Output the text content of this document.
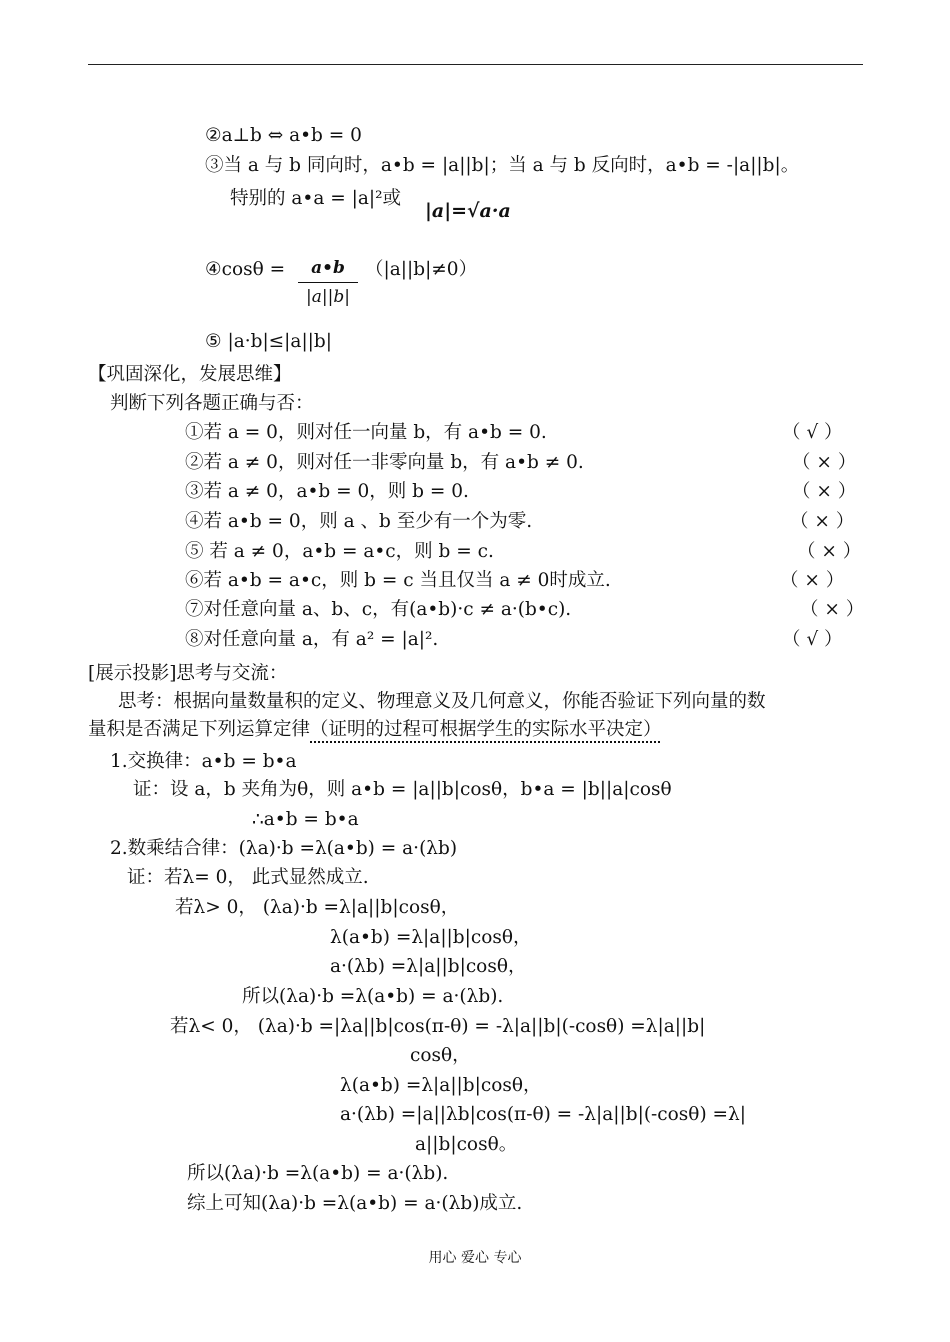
②a⊥b ⇔ a•b = 0
③当 a 与 b 同向时，a•b = |a||b|；当 a 与 b 反向时，a•b = -|a||b|。
特别的 a•a = |a|²或
|a|=√a·a
④cosθ = $\frac{a•b}{|a||b|} (|a||b|\ne 0)$
⑤ |a·b|≤|a||b|
【巩固深化，发展思维】
判断下列各题正确与否：
①若 a = 0，则对任一向量 b，有 a•b = 0.	（ √ ）
②若 a ≠ 0，则对任一非零向量 b，有 a•b ≠ 0.	（ × ）
③若 a ≠ 0，a•b = 0，则 b = 0.	（ × ）
④若 a•b = 0，则 a 、b 至少有一个为零.	（ × ）
⑤ 若 a ≠ 0，a•b = a•c，则 b = c.	（ × ）
⑥若 a•b = a•c，则 b = c 当且仅当 a ≠ 0时成立.	（ × ）
⑦对任意向量 a、b、c，有(a•b)·c ≠ a·(b•c).	（ × ）
⑧对任意向量 a，有 a² = |a|².	（ √ ）
[展示投影]思考与交流：
思考：根据向量数量积的定义、物理意义及几何意义，你能否验证下列向量的数
量积是否满足下列运算定律（证明的过程可根据学生的实际水平决定）
1.交换律：a•b = b•a
证：设 a，b 夹角为θ，则 a•b = |a||b|cosθ，b•a = |b||a|cosθ
∴a•b = b•a
2.数乘结合律：(λa)·b =λ(a•b) = a·(λb)
证：若λ= 0， 此式显然成立.
若λ> 0， (λa)·b =λ|a||b|cosθ，
λ(a•b) =λ|a||b|cosθ，
a·(λb) =λ|a||b|cosθ，
所以(λa)·b =λ(a•b) = a·(λb).
若λ< 0， (λa)·b =|λa||b|cos(π-θ) = -λ|a||b|(-cosθ) =λ|a||b|
cosθ，
λ(a•b) =λ|a||b|cosθ，
a·(λb) =|a||λb|cos(π-θ) = -λ|a||b|(-cosθ) =λ|
a||b|cosθ。
所以(λa)·b =λ(a•b) = a·(λb).
综上可知(λa)·b =λ(a•b) = a·(λb)成立.
用心 爱心 专心
